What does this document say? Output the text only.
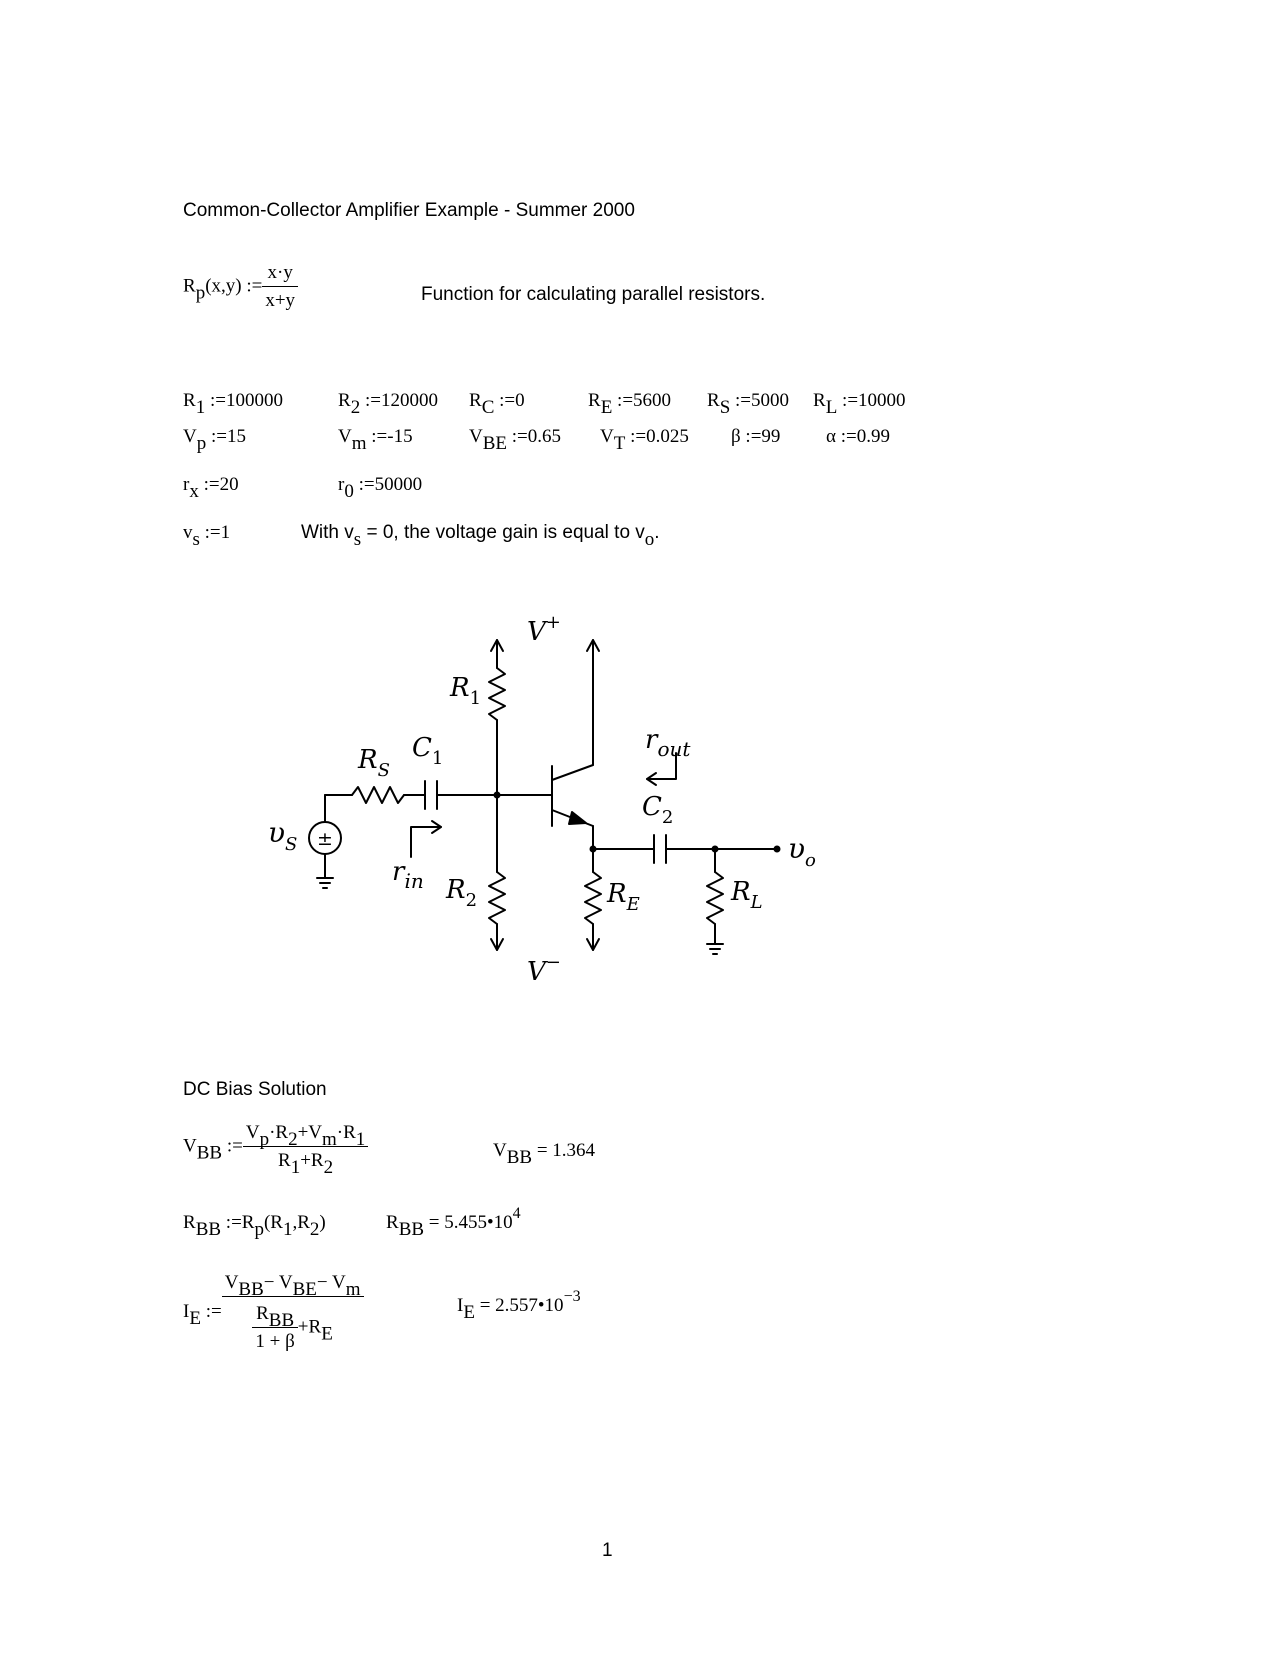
Common-Collector Amplifier Example - Summer 2000
$R_p(x,y)$ := $\frac{x\cdot y}{x+y}$	Function for calculating parallel resistors.
$R_1$ :=100000	$R_2$ :=120000 $R_C$ :=0	$R_E$ :=5600 $R_S$ :=5000 $R_L$ :=10000
$V_p$ :=15	$V_m$ :=-15	$V_{BE}$ :=0.65 $V_T$ :=0.025 β :=99 α :=0.99
$r_x$ :=20	$r_0$ :=50000
$v_s$ :=1	With $v_s = 0$, the voltage gain is equal to $v_o$.
±
V+
V−
$R_1$
$R_2$
$R_S$
$C_1$
$C_2$
$R_E$	$R_L$
$\upsilon_S$	$\upsilon_o$
$r_{in}$
$r_{out}$
DC Bias Solution
$V_{BB}$ := $\frac{V_p\cdot R_2+V_m\cdot R_1}{R_1+R_2}$	$V_{BB} = 1.364$
$R_{BB}$ $:=R_p(R_1,R_2)$	$R_{BB}$ = $5.455•10^4$
$I_E$ := $\frac{V_{BB}- V_{BE}- V_m}{\frac{R_{BB}}{1 + \beta} +R_E}$	$I_E$ = $2.557•10^{-3}$
1
